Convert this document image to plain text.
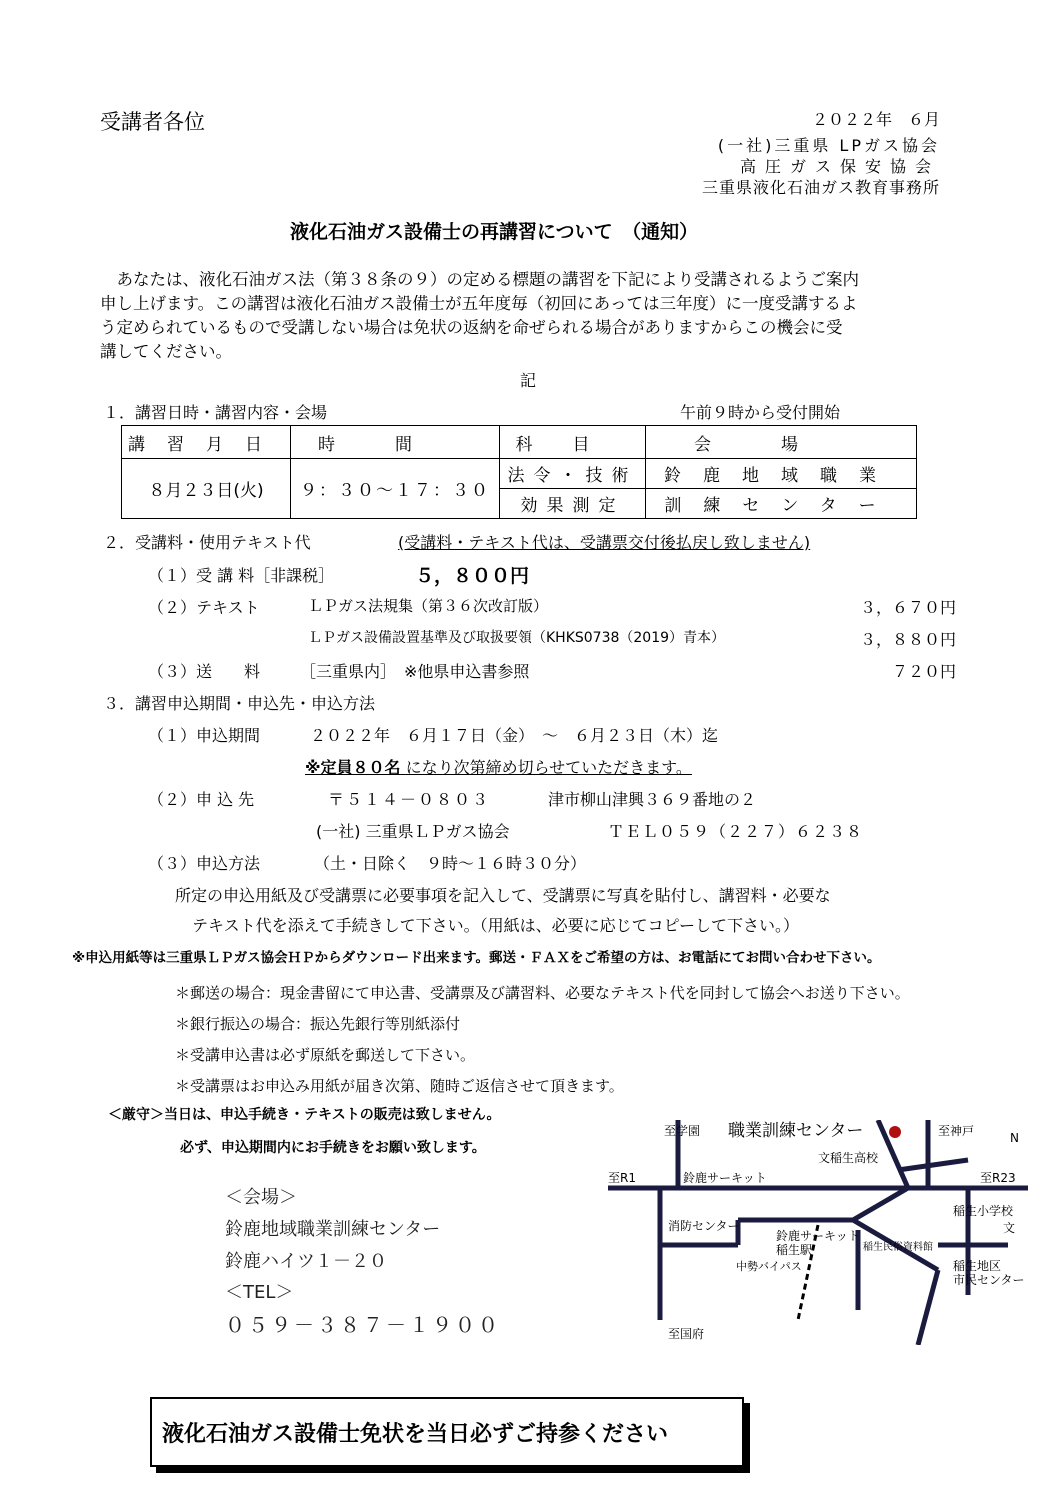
受講者各位	２０２２年　６月
(一社)三重県 LPガス協会
高圧ガス保安協会
三重県液化石油ガス教育事務所
液化石油ガス設備士の再講習について　（通知）
　あなたは、液化石油ガス法（第３８条の９）の定める標題の講習を下記により受講されるようご案内
申し上げます。この講習は液化石油ガス設備士が五年度毎（初回にあっては三年度）に一度受講するよ
う定められているもので受講しない場合は免状の返納を命ぜられる場合がありますからこの機会に受
講してください。
記
１．講習日時・講習内容・会場	午前９時から受付開始
講習月日	時間	科目	会場
８月２３日(火)	９：３０～１７：３０	法令・技術	鈴鹿地域職業
		効果測定	訓練センター
２．受講料・使用テキスト代	(受講料・テキスト代は、受講票交付後払戻し致しません)
（１）受 講 料［非課税］	５，８００円
（２）テキスト	ＬＰガス法規集（第３６次改訂版）	３，６７０円
ＬＰガス設備設置基準及び取扱要領（KHKS0738（2019）青本）	３，８８０円
（３）送　　料 ［三重県内］　※他県申込書参照	７２０円
３．講習申込期間・申込先・申込方法
（１）申込期間	２０２２年　６月１７日（金）　～　６月２３日（木）迄
※定員８０名 になり次第締め切らせていただきます。
（２）申 込 先	〒５１４－０８０３	津市柳山津興３６９番地の２
(一社) 三重県ＬＰガス協会	ＴＥＬ０５９（２２７）６２３８
（３）申込方法	（土・日除く　９時～１６時３０分）
所定の申込用紙及び受講票に必要事項を記入して、受講票に写真を貼付し、講習料・必要な
テキスト代を添えて手続きして下さい。（用紙は、必要に応じてコピーして下さい。）
※申込用紙等は三重県ＬＰガス協会ＨＰからダウンロード出来ます。郵送・ＦＡＸをご希望の方は、お電話にてお問い合わせ下さい。
＊郵送の場合：現金書留にて申込書、受講票及び講習料、必要なテキスト代を同封して協会へお送り下さい。
＊銀行振込の場合：振込先銀行等別紙添付
＊受講申込書は必ず原紙を郵送して下さい。
＊受講票はお申込み用紙が届き次第、随時ご返信させて頂きます。
＜厳守＞当日は、申込手続き・テキストの販売は致しません。
必ず、申込期間内にお手続きをお願い致します。
＜会場＞
鈴鹿地域職業訓練センター
鈴鹿ハイツ１－２０
＜TEL＞
０５９－３８７－１９００
至学園 職業訓練センター	至神戸	N
文稲生高校
至R1	鈴鹿サーキット	至R23
稲生小学校
文
消防センター
鈴鹿サーキット
稲生駅	稲生民俗資料館
稲生地区
市民センター
中勢バイパス
至国府
液化石油ガス設備士免状を当日必ずご持参ください
